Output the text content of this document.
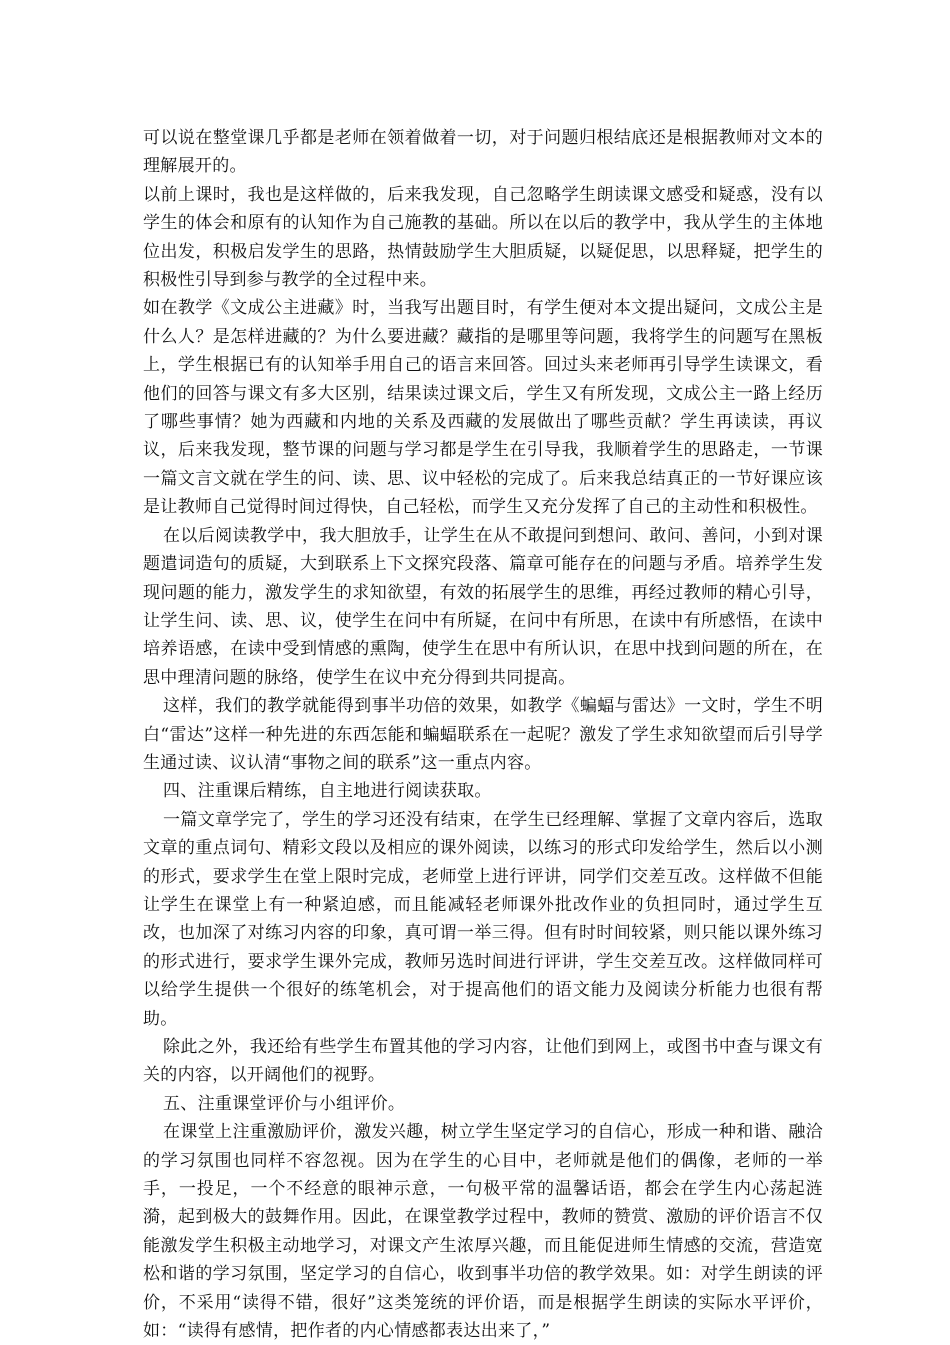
可以说在整堂课几乎都是老师在领着做着一切，对于问题归根结底还是根据教师对文本的理解展开的。

以前上课时，我也是这样做的，后来我发现，自己忽略学生朗读课文感受和疑惑，没有以学生的体会和原有的认知作为自己施教的基础。所以在以后的教学中，我从学生的主体地位出发，积极启发学生的思路，热情鼓励学生大胆质疑，以疑促思，以思释疑，把学生的积极性引导到参与教学的全过程中来。

如在教学《文成公主进藏》时，当我写出题目时，有学生便对本文提出疑问，文成公主是什么人？是怎样进藏的？为什么要进藏？藏指的是哪里等问题，我将学生的问题写在黑板上，学生根据已有的认知举手用自己的语言来回答。回过头来老师再引导学生读课文，看他们的回答与课文有多大区别，结果读过课文后，学生又有所发现，文成公主一路上经历了哪些事情？她为西藏和内地的关系及西藏的发展做出了哪些贡献？学生再读读，再议议，后来我发现，整节课的问题与学习都是学生在引导我，我顺着学生的思路走，一节课一篇文言文就在学生的问、读、思、议中轻松的完成了。后来我总结真正的一节好课应该是让教师自己觉得时间过得快，自己轻松，而学生又充分发挥了自己的主动性和积极性。

在以后阅读教学中，我大胆放手，让学生在从不敢提问到想问、敢问、善问，小到对课题遣词造句的质疑，大到联系上下文探究段落、篇章可能存在的问题与矛盾。培养学生发现问题的能力，激发学生的求知欲望，有效的拓展学生的思维，再经过教师的精心引导，让学生问、读、思、议，使学生在问中有所疑，在问中有所思，在读中有所感悟，在读中培养语感，在读中受到情感的熏陶，使学生在思中有所认识，在思中找到问题的所在，在思中理清问题的脉络，使学生在议中充分得到共同提高。

这样，我们的教学就能得到事半功倍的效果，如教学《蝙蝠与雷达》一文时，学生不明白“雷达”这样一种先进的东西怎能和蝙蝠联系在一起呢？激发了学生求知欲望而后引导学生通过读、议认清“事物之间的联系”这一重点内容。

四、注重课后精练，自主地进行阅读获取。

一篇文章学完了，学生的学习还没有结束，在学生已经理解、掌握了文章内容后，选取文章的重点词句、精彩文段以及相应的课外阅读，以练习的形式印发给学生，然后以小测的形式，要求学生在堂上限时完成，老师堂上进行评讲，同学们交差互改。这样做不但能让学生在课堂上有一种紧迫感，而且能减轻老师课外批改作业的负担同时，通过学生互改，也加深了对练习内容的印象，真可谓一举三得。但有时时间较紧，则只能以课外练习的形式进行，要求学生课外完成，教师另选时间进行评讲，学生交差互改。这样做同样可以给学生提供一个很好的练笔机会，对于提高他们的语文能力及阅读分析能力也很有帮助。

除此之外，我还给有些学生布置其他的学习内容，让他们到网上，或图书中查与课文有关的内容，以开阔他们的视野。

五、注重课堂评价与小组评价。

在课堂上注重激励评价，激发兴趣，树立学生坚定学习的自信心，形成一种和谐、融洽的学习氛围也同样不容忽视。因为在学生的心目中，老师就是他们的偶像，老师的一举手，一投足，一个不经意的眼神示意，一句极平常的温馨话语，都会在学生内心荡起涟漪，起到极大的鼓舞作用。因此，在课堂教学过程中，教师的赞赏、激励的评价语言不仅能激发学生积极主动地学习，对课文产生浓厚兴趣，而且能促进师生情感的交流，营造宽松和谐的学习氛围，坚定学习的自信心，收到事半功倍的教学效果。如：对学生朗读的评价，不采用“读得不错，很好”这类笼统的评价语，而是根据学生朗读的实际水平评价，如：“读得有感情，把作者的内心情感都表达出来了，”
